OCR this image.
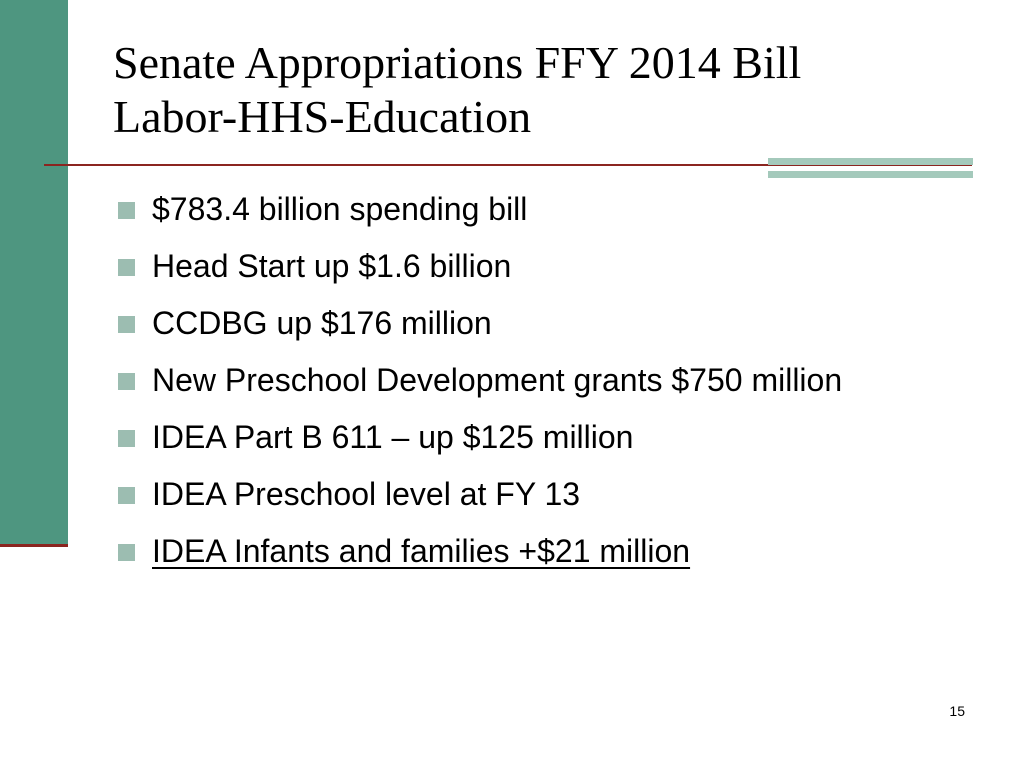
Senate Appropriations FFY 2014 Bill
Labor-HHS-Education
$783.4 billion spending bill
Head Start up $1.6 billion
CCDBG up $176 million
New Preschool Development grants $750 million
IDEA Part B 611 – up $125 million
IDEA Preschool level at FY 13
IDEA Infants and families +$21 million
15
